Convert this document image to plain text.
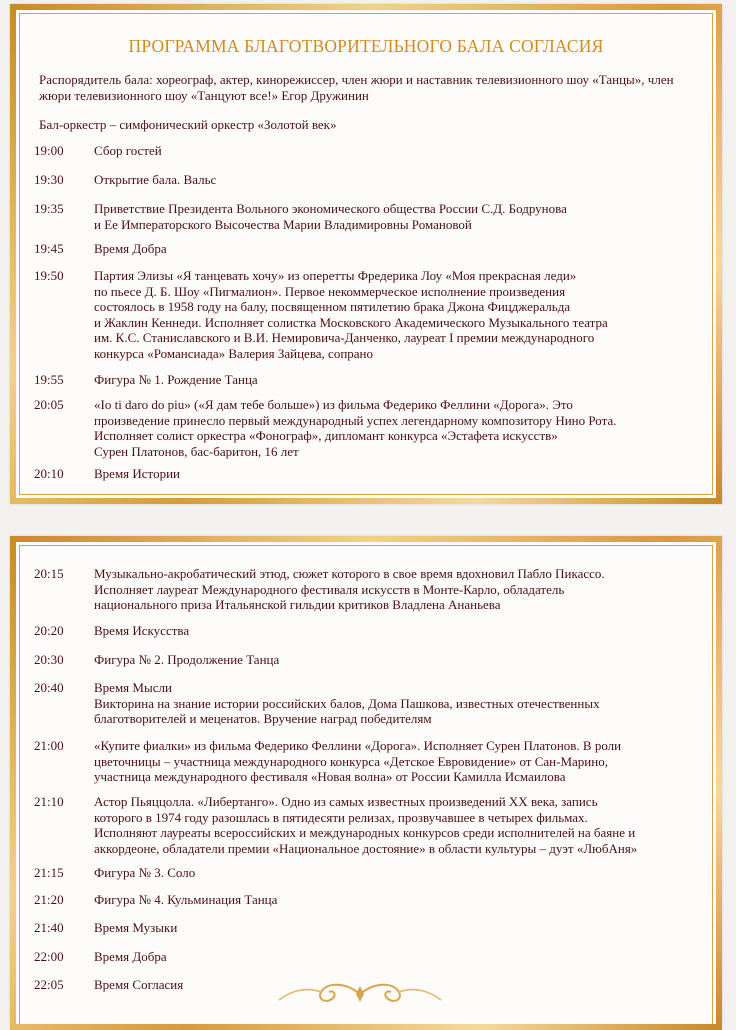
ПРОГРАММА БЛАГОТВОРИТЕЛЬНОГО БАЛА СОГЛАСИЯ
Распорядитель бала: хореограф, актер, кинорежиссер, член жюри и наставник телевизионного шоу «Танцы», член жюри телевизионного шоу «Танцуют все!» Егор Дружинин
Бал-оркестр – симфонический оркестр «Золотой век»
19:00	Сбор гостей
19:30	Открытие бала. Вальс
19:35	Приветствие Президента Вольного экономического общества России С.Д. Бодрунова
и Ее Императорского Высочества Марии Владимировны Романовой
19:45	Время Добра
19:50	Партия Элизы «Я танцевать хочу» из оперетты Фредерика Лоу «Моя прекрасная леди»
по пьесе Д. Б. Шоу «Пигмалион». Первое некоммерческое исполнение произведения
состоялось в 1958 году на балу, посвященном пятилетию брака Джона Фицджеральда
и Жаклин Кеннеди. Исполняет солистка Московского Академического Музыкального театра
им. К.С. Станиславского и В.И. Немировича-Данченко, лауреат I премии международного
конкурса «Романсиада» Валерия Зайцева, сопрано
19:55	Фигура № 1. Рождение Танца
20:05	«Io ti daro do piu» («Я дам тебе больше») из фильма Федерико Феллини «Дорога». Это
произведение принесло первый международный успех легендарному композитору Нино Рота.
Исполняет солист оркестра «Фонограф», дипломант конкурса «Эстафета искусств»
Сурен Платонов, бас-баритон, 16 лет
20:10	Время Истории
20:15	Музыкально-акробатический этюд, сюжет которого в свое время вдохновил Пабло Пикассо.
Исполняет лауреат Международного фестиваля искусств в Монте-Карло, обладатель
национального приза Итальянской гильдии критиков Владлена Ананьева
20:20	Время Искусства
20:30	Фигура № 2. Продолжение Танца
20:40	Время Мысли
Викторина на знание истории российских балов, Дома Пашкова, известных отечественных
благотворителей и меценатов. Вручение наград победителям
21:00	«Купите фиалки» из фильма Федерико Феллини «Дорога». Исполняет Сурен Платонов. В роли
цветочницы – участница международного конкурса «Детское Евровидение» от Сан-Марино,
участница международного фестиваля «Новая волна» от России Камилла Исмаилова
21:10	Астор Пьяццолла. «Либертанго». Одно из самых известных произведений XX века, запись
которого в 1974 году разошлась в пятидесяти релизах, прозвучавшее в четырех фильмах.
Исполняют лауреаты всероссийских и международных конкурсов среди исполнителей на баяне и
аккордеоне, обладатели премии «Национальное достояние» в области культуры – дуэт «ЛюбАня»
21:15	Фигура № 3. Соло
21:20	Фигура № 4. Кульминация Танца
21:40	Время Музыки
22:00	Время Добра
22:05	Время Согласия
